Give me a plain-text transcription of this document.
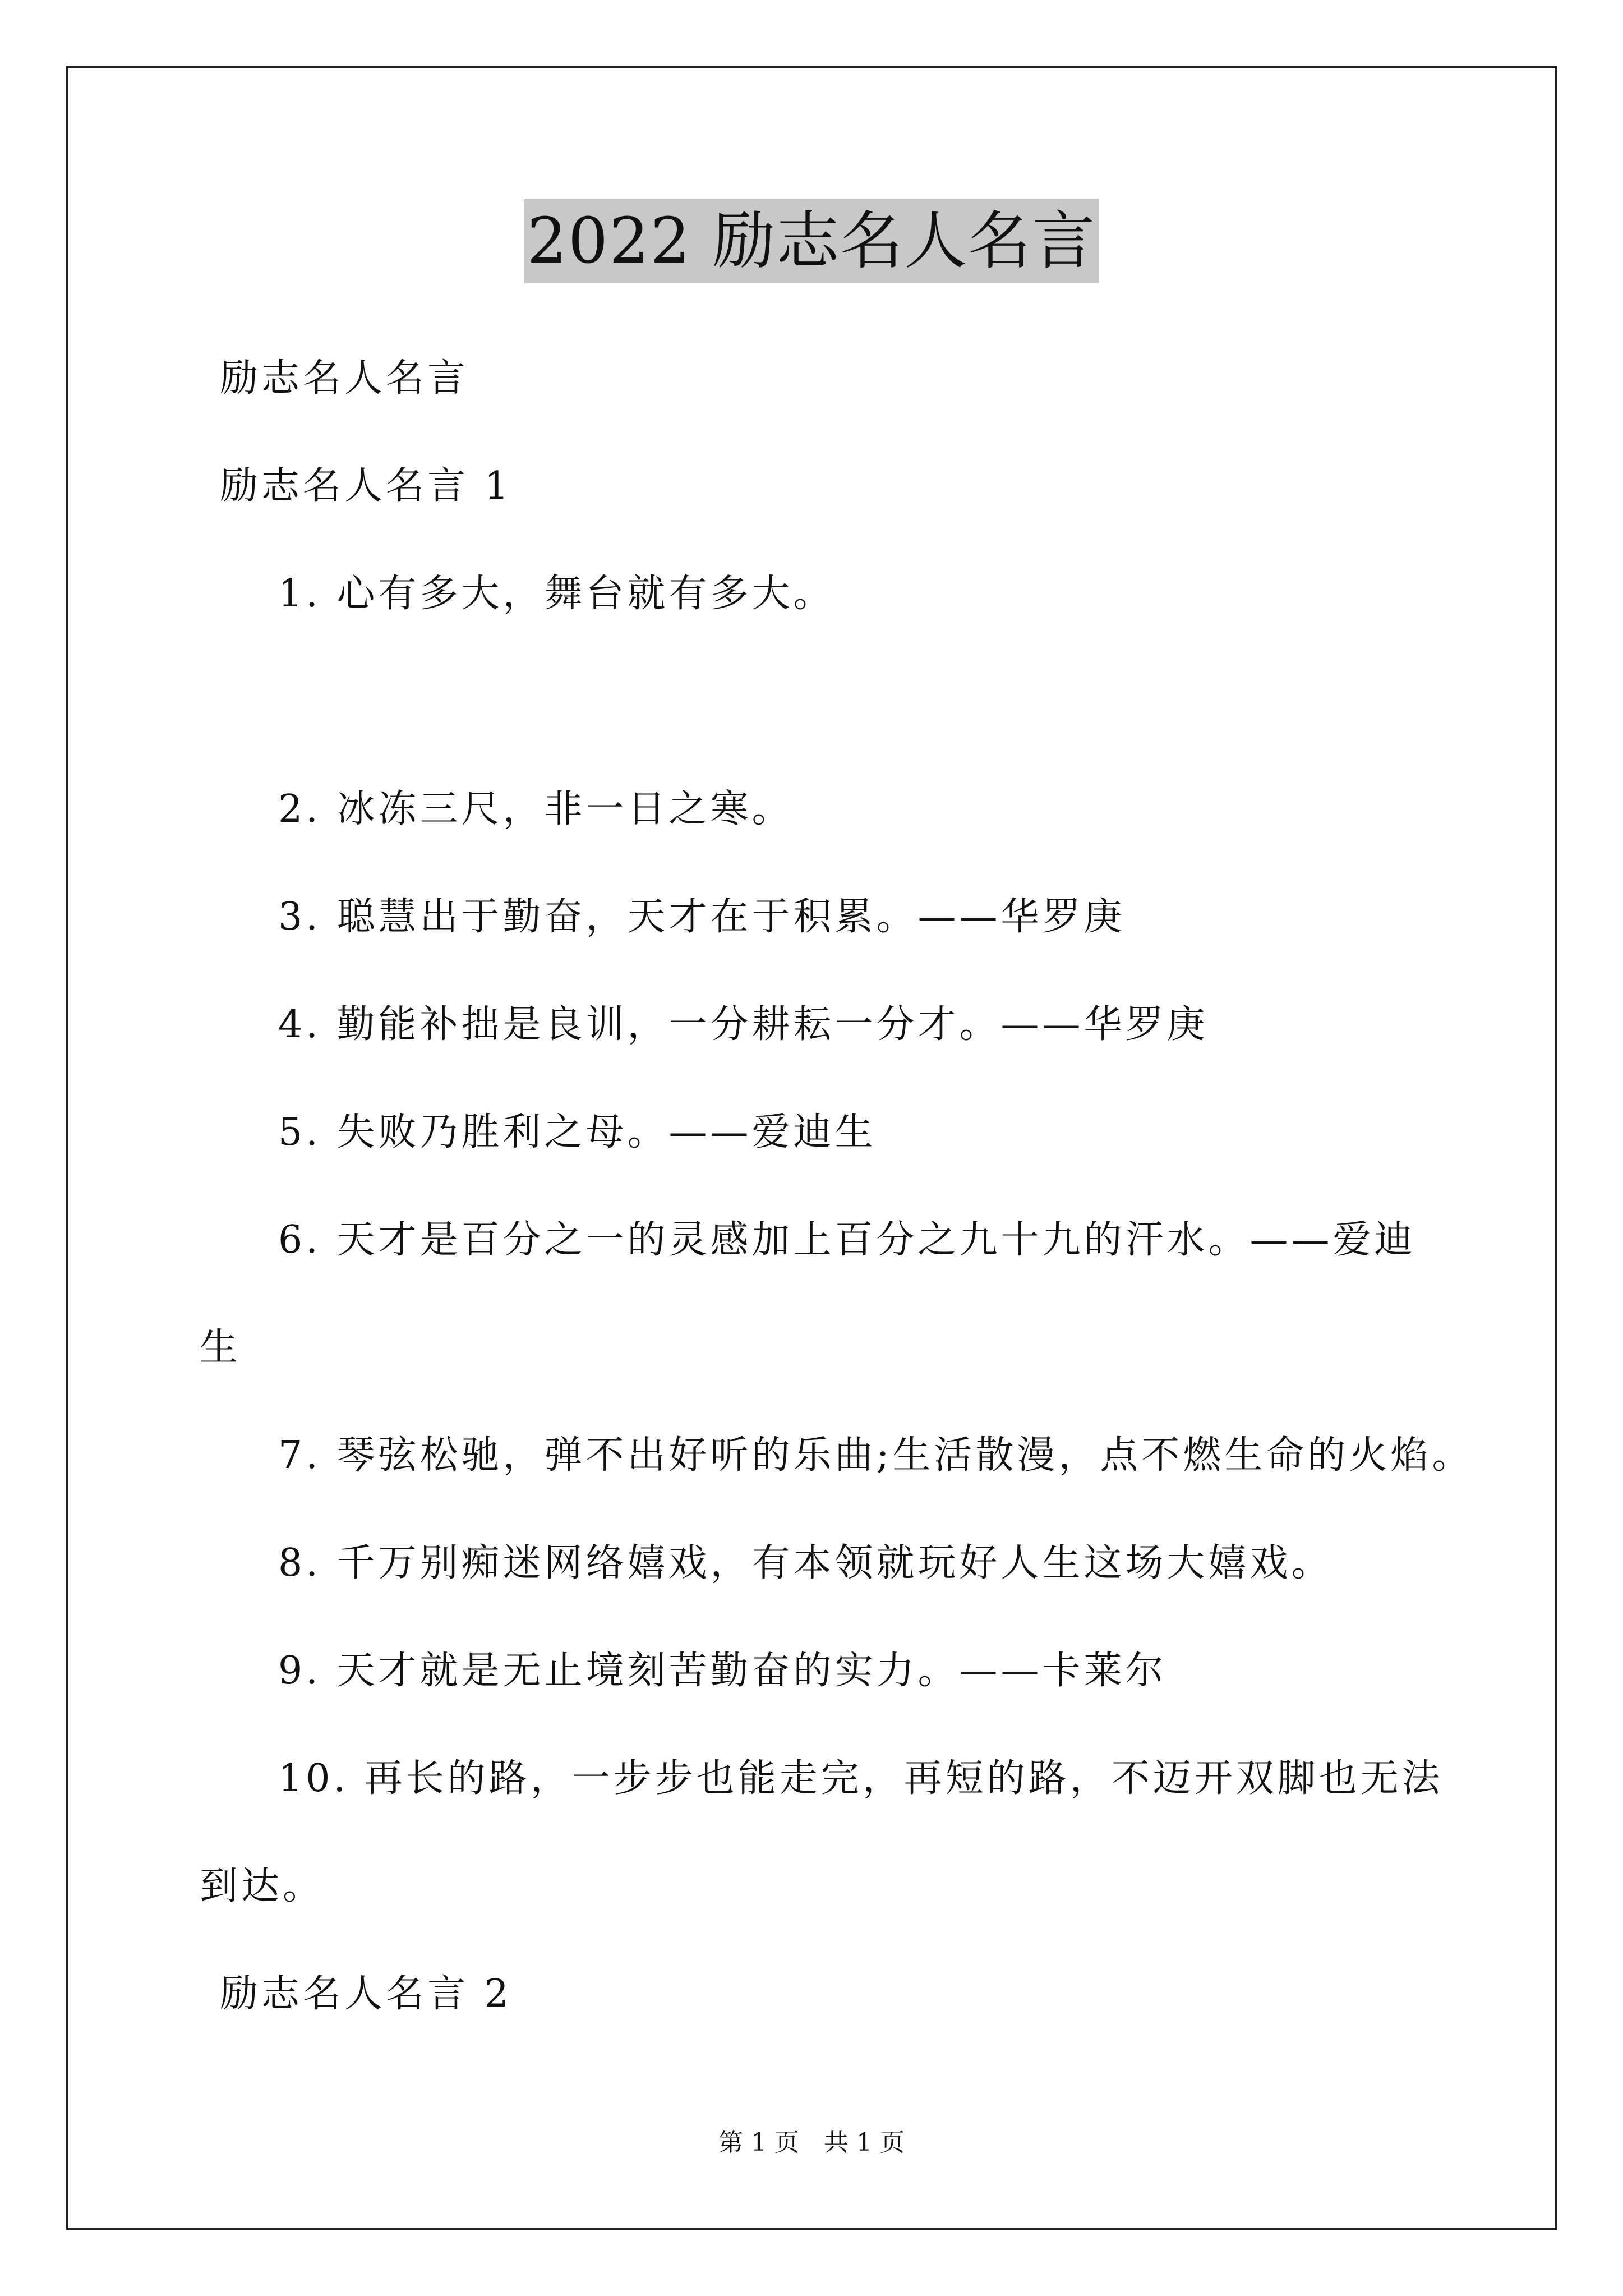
2022 励志名人名言
励志名人名言
励志名人名言 1
1. 心有多大，舞台就有多大。
2. 冰冻三尺，非一日之寒。
3. 聪慧出于勤奋，天才在于积累。——华罗庚
4. 勤能补拙是良训，一分耕耘一分才。——华罗庚
5. 失败乃胜利之母。——爱迪生
6. 天才是百分之一的灵感加上百分之九十九的汗水。——爱迪
生
7. 琴弦松驰，弹不出好听的乐曲;生活散漫，点不燃生命的火焰。
8. 千万别痴迷网络嬉戏，有本领就玩好人生这场大嬉戏。
9. 天才就是无止境刻苦勤奋的实力。——卡莱尔
10. 再长的路，一步步也能走完，再短的路，不迈开双脚也无法
到达。
励志名人名言 2
第 1 页　共 1 页
